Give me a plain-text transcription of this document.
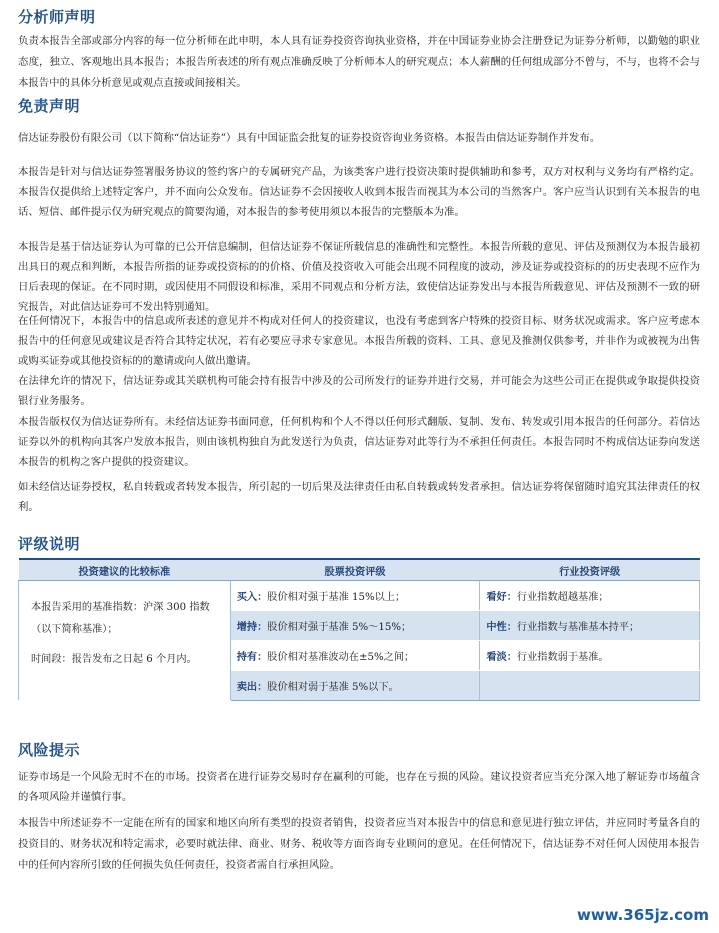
分析师声明
负责本报告全部或部分内容的每一位分析师在此申明，本人具有证券投资咨询执业资格，并在中国证券业协会注册登记为证券分析师，以勤勉的职业态度，独立、客观地出具本报告；本报告所表述的所有观点准确反映了分析师本人的研究观点；本人薪酬的任何组成部分不曾与，不与，也将不会与本报告中的具体分析意见或观点直接或间接相关。
免责声明
信达证券股份有限公司（以下简称“信达证券”）具有中国证监会批复的证券投资咨询业务资格。本报告由信达证券制作并发布。
本报告是针对与信达证券签署服务协议的签约客户的专属研究产品，为该类客户进行投资决策时提供辅助和参考，双方对权利与义务均有严格约定。本报告仅提供给上述特定客户，并不面向公众发布。信达证券不会因接收人收到本报告而视其为本公司的当然客户。客户应当认识到有关本报告的电话、短信、邮件提示仅为研究观点的简要沟通，对本报告的参考使用须以本报告的完整版本为准。
本报告是基于信达证券认为可靠的已公开信息编制，但信达证券不保证所载信息的准确性和完整性。本报告所载的意见、评估及预测仅为本报告最初出具日的观点和判断，本报告所指的证券或投资标的的价格、价值及投资收入可能会出现不同程度的波动，涉及证券或投资标的的历史表现不应作为日后表现的保证。在不同时期，或因使用不同假设和标准，采用不同观点和分析方法，致使信达证券发出与本报告所载意见、评估及预测不一致的研究报告，对此信达证券可不发出特别通知。
在任何情况下，本报告中的信息或所表述的意见并不构成对任何人的投资建议，也没有考虑到客户特殊的投资目标、财务状况或需求。客户应考虑本报告中的任何意见或建议是否符合其特定状况，若有必要应寻求专家意见。本报告所载的资料、工具、意见及推测仅供参考，并非作为或被视为出售或购买证券或其他投资标的的邀请或向人做出邀请。
在法律允许的情况下，信达证券或其关联机构可能会持有报告中涉及的公司所发行的证券并进行交易，并可能会为这些公司正在提供或争取提供投资银行业务服务。
本报告版权仅为信达证券所有。未经信达证券书面同意，任何机构和个人不得以任何形式翻版、复制、发布、转发或引用本报告的任何部分。若信达证券以外的机构向其客户发放本报告，则由该机构独自为此发送行为负责，信达证券对此等行为不承担任何责任。本报告同时不构成信达证券向发送本报告的机构之客户提供的投资建议。
如未经信达证券授权，私自转载或者转发本报告，所引起的一切后果及法律责任由私自转载或转发者承担。信达证券将保留随时追究其法律责任的权利。
评级说明
投资建议的比较标准	股票投资评级	行业投资评级

本报告采用的基准指数：沪深 300 指数（以下简称基准）；
时间段：报告发布之日起 6 个月内。	买入：股价相对强于基准 15%以上；	看好：行业指数超越基准；
	增持：股价相对强于基准 5%～15%；	中性：行业指数与基准基本持平；
	持有：股价相对基准波动在±5%之间；	看淡：行业指数弱于基准。
	卖出：股价相对弱于基准 5%以下。	
风险提示
证券市场是一个风险无时不在的市场。投资者在进行证券交易时存在赢利的可能，也存在亏损的风险。建议投资者应当充分深入地了解证券市场蕴含的各项风险并谨慎行事。
本报告中所述证券不一定能在所有的国家和地区向所有类型的投资者销售，投资者应当对本报告中的信息和意见进行独立评估，并应同时考量各自的投资目的、财务状况和特定需求，必要时就法律、商业、财务、税收等方面咨询专业顾问的意见。在任何情况下，信达证券不对任何人因使用本报告中的任何内容所引致的任何损失负任何责任，投资者需自行承担风险。
www.365jz.com
